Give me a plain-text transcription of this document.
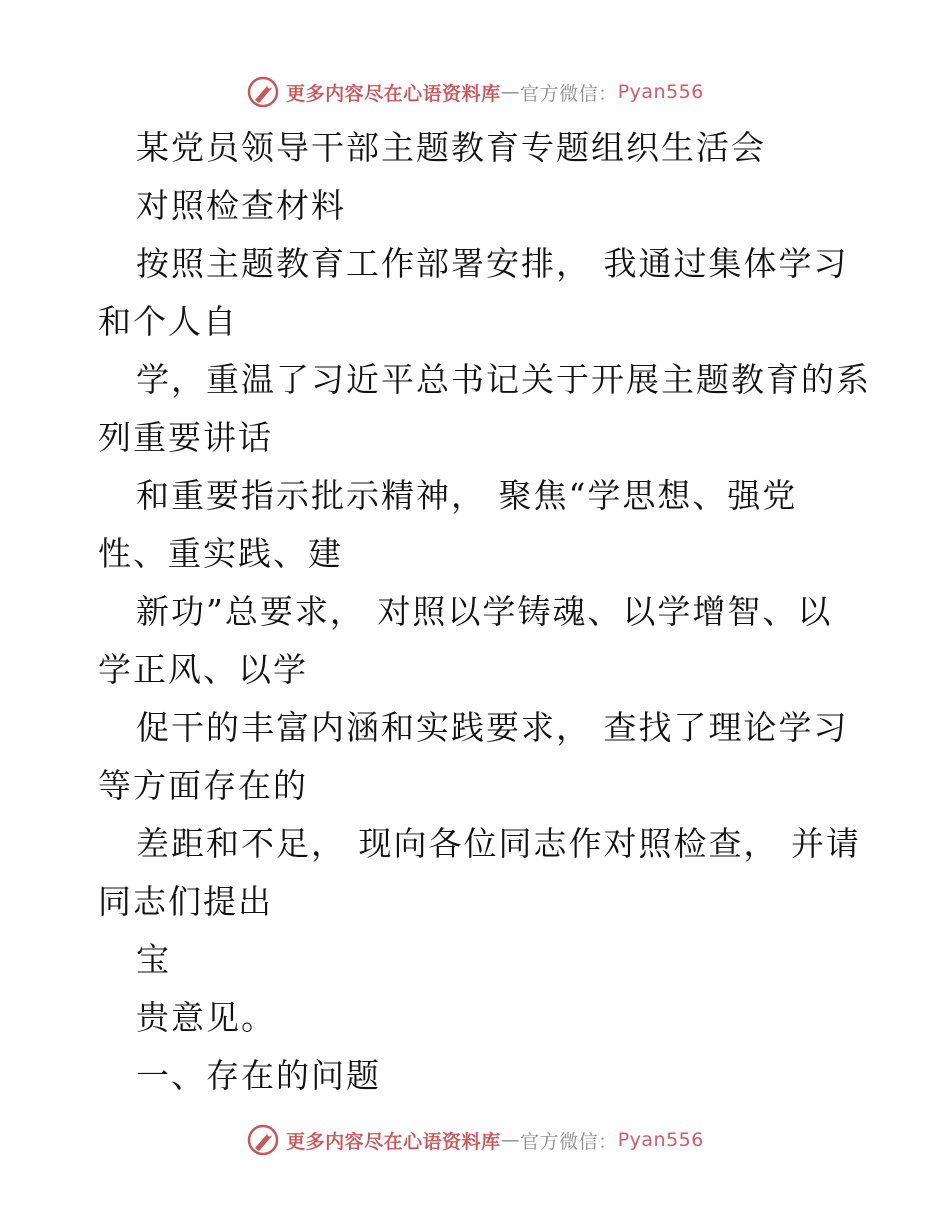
更多内容尽在心语资料库 — 官方微信： Pyan556
某党员领导干部主题教育专题组织生活会
对照检查材料
按照主题教育工作部署安排， 我通过集体学习
和个人自
学，重温了习近平总书记关于开展主题教育的系
列重要讲话
和重要指示批示精神， 聚焦“学思想、强党
性、重实践、建
新功”总要求， 对照以学铸魂、以学增智、以
学正风、以学
促干的丰富内涵和实践要求， 查找了理论学习
等方面存在的
差距和不足， 现向各位同志作对照检查， 并请
同志们提出
宝
贵意见。
一、存在的问题
更多内容尽在心语资料库 — 官方微信： Pyan556
